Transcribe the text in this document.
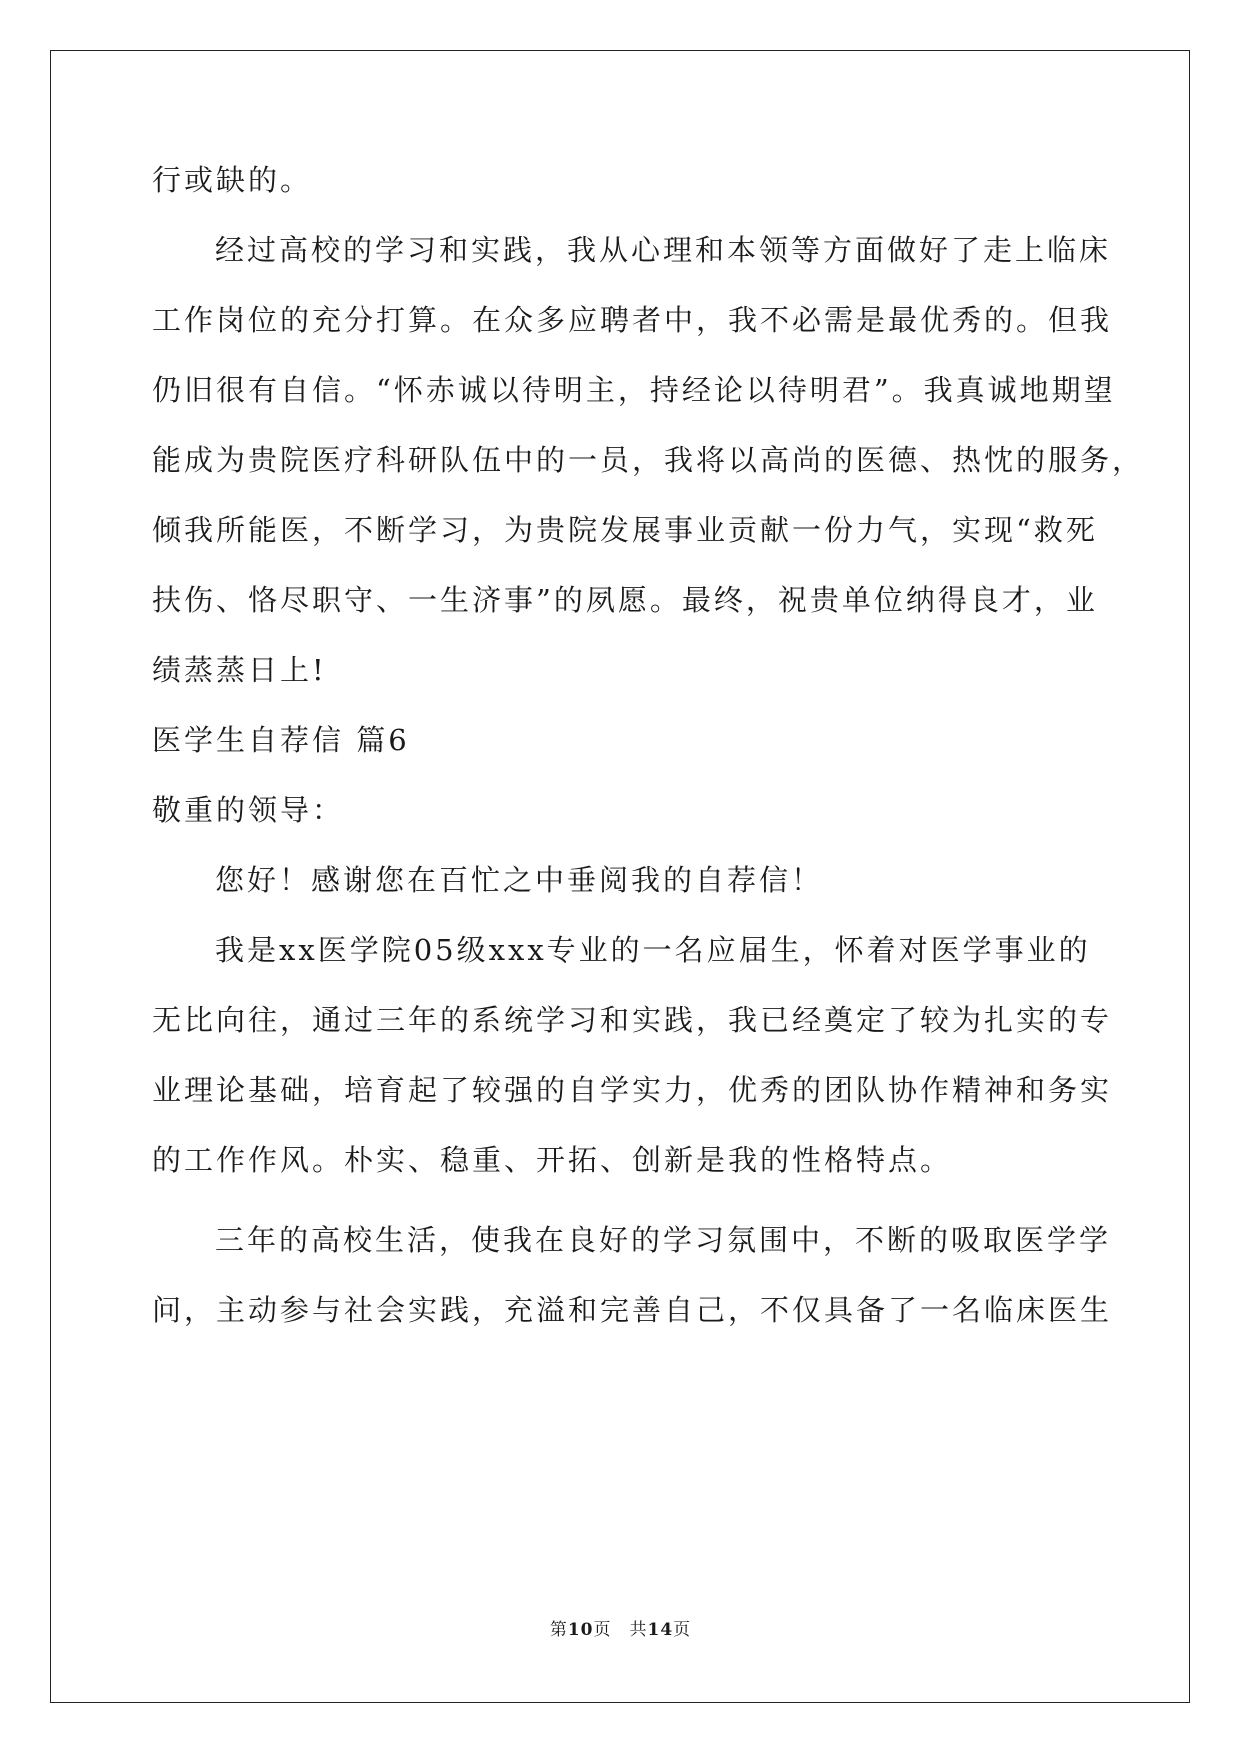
行或缺的。
经过高校的学习和实践，我从心理和本领等方面做好了走上临床
工作岗位的充分打算。在众多应聘者中，我不必需是最优秀的。但我
仍旧很有自信。“怀赤诚以待明主，持经论以待明君”。我真诚地期望
能成为贵院医疗科研队伍中的一员，我将以高尚的医德、热忱的服务，
倾我所能医，不断学习，为贵院发展事业贡献一份力气，实现“救死
扶伤、恪尽职守、一生济事”的夙愿。最终，祝贵单位纳得良才，业
绩蒸蒸日上!
医学生自荐信 篇6
敬重的领导：
您好！感谢您在百忙之中垂阅我的自荐信！
我是xx医学院05级xxx专业的一名应届生，怀着对医学事业的
无比向往，通过三年的系统学习和实践，我已经奠定了较为扎实的专
业理论基础，培育起了较强的自学实力，优秀的团队协作精神和务实
的工作作风。朴实、稳重、开拓、创新是我的性格特点。
三年的高校生活，使我在良好的学习氛围中，不断的吸取医学学
问，主动参与社会实践，充溢和完善自己，不仅具备了一名临床医生
第10页　共14页
